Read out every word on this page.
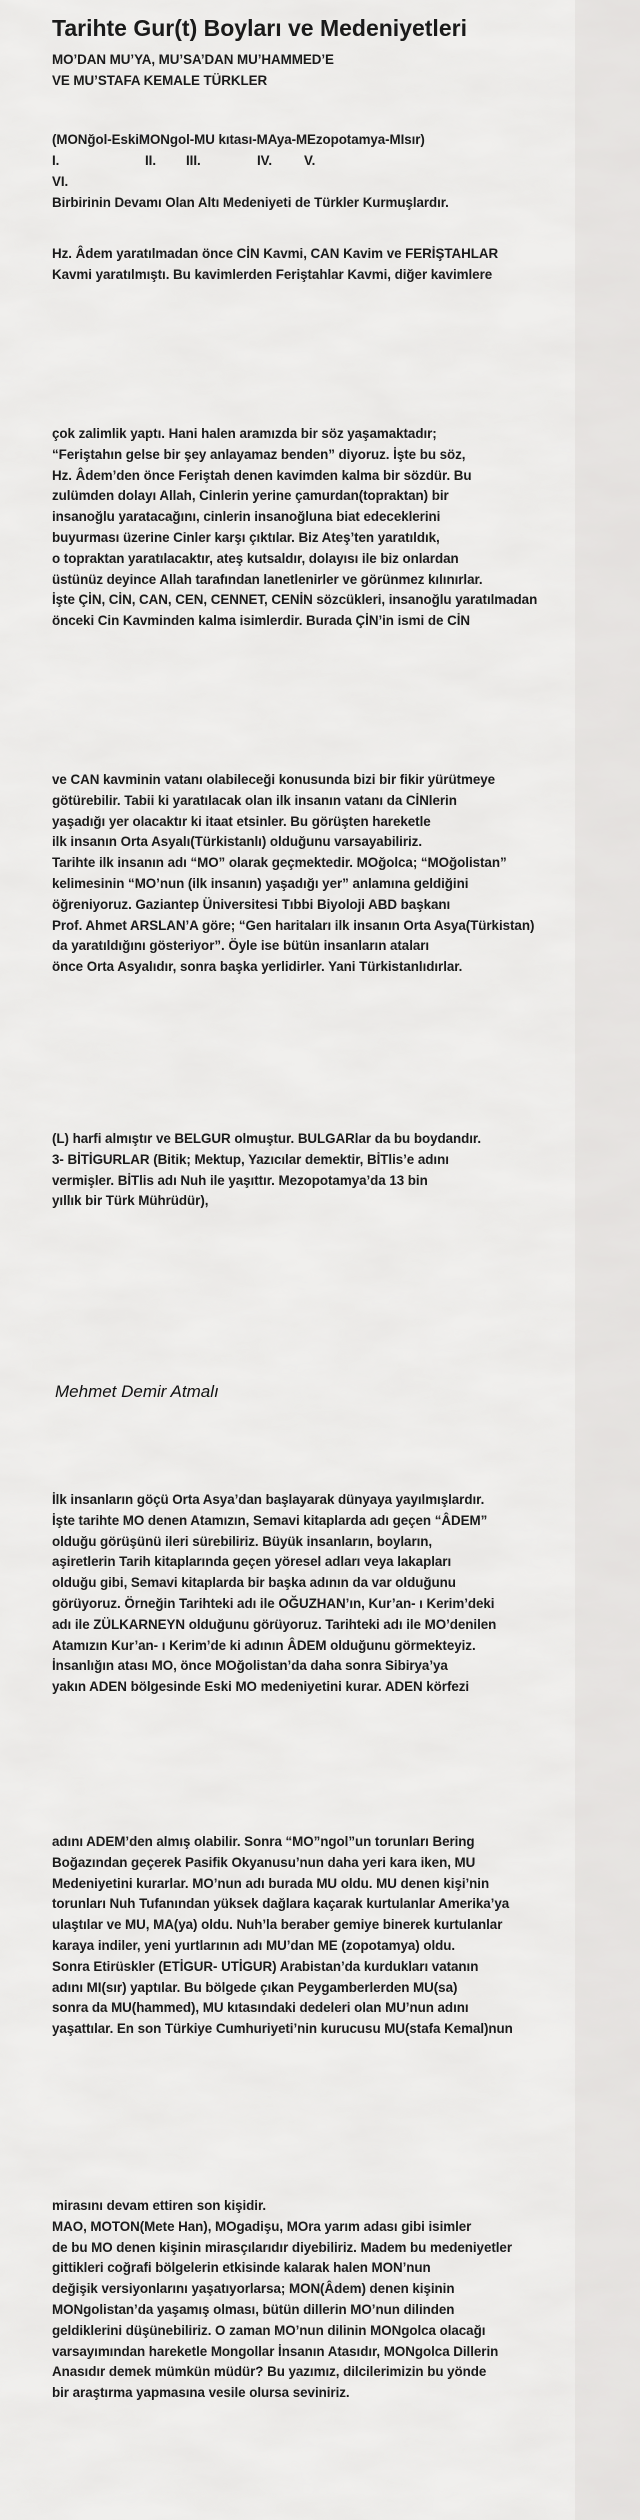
Tarihte Gur(t) Boyları ve Medeniyetleri
MO’DAN MU’YA, MU’SA’DAN MU’HAMMED’E
VE MU’STAFA KEMALE TÜRKLER
(MONğol-EskiMONgol-MU kıtası-MAya-MEzopotamya-MIsır)
I.	II. III.	IV. V.
VI.
Birbirinin Devamı Olan Altı Medeniyeti de Türkler Kurmuşlardır.
Hz. Âdem yaratılmadan önce CİN Kavmi, CAN Kavim ve FERİŞTAHLAR
Kavmi yaratılmıştı. Bu kavimlerden Feriştahlar Kavmi, diğer kavimlere
çok zalimlik yaptı. Hani halen aramızda bir söz yaşamaktadır;
“Feriştahın gelse bir şey anlayamaz benden” diyoruz. İşte bu söz,
Hz. Âdem’den önce Feriştah denen kavimden kalma bir sözdür. Bu
zulümden dolayı Allah, Cinlerin yerine çamurdan(topraktan) bir
insanoğlu yaratacağını, cinlerin insanoğluna biat edeceklerini
buyurması üzerine Cinler karşı çıktılar. Biz Ateş’ten yaratıldık,
o topraktan yaratılacaktır, ateş kutsaldır, dolayısı ile biz onlardan
üstünüz deyince Allah tarafından lanetlenirler ve görünmez kılınırlar.
İşte ÇİN, CİN, CAN, CEN, CENNET, CENİN sözcükleri, insanoğlu yaratılmadan
önceki Cin Kavminden kalma isimlerdir. Burada ÇİN’in ismi de CİN
ve CAN kavminin vatanı olabileceği konusunda bizi bir fikir yürütmeye
götürebilir. Tabii ki yaratılacak olan ilk insanın vatanı da CİNlerin
yaşadığı yer olacaktır ki itaat etsinler. Bu görüşten hareketle
ilk insanın Orta Asyalı(Türkistanlı) olduğunu varsayabiliriz.
Tarihte ilk insanın adı “MO” olarak geçmektedir. MOğolca; “MOğolistan”
kelimesinin “MO’nun (ilk insanın) yaşadığı yer” anlamına geldiğini
öğreniyoruz. Gaziantep Üniversitesi Tıbbi Biyoloji ABD başkanı
Prof. Ahmet ARSLAN’A göre; “Gen haritaları ilk insanın Orta Asya(Türkistan)
da yaratıldığını gösteriyor”. Öyle ise bütün insanların ataları
önce Orta Asyalıdır, sonra başka yerlidirler. Yani Türkistanlıdırlar.
(L) harfi almıştır ve BELGUR olmuştur. BULGARlar da bu boydandır.
3- BİTİGURLAR (Bitik; Mektup, Yazıcılar demektir, BİTlis’e adını
vermişler. BİTlis adı Nuh ile yaşıttır. Mezopotamya’da 13 bin
yıllık bir Türk Mührüdür),
Mehmet Demir Atmalı
İlk insanların göçü Orta Asya’dan başlayarak dünyaya yayılmışlardır.
İşte tarihte MO denen Atamızın, Semavi kitaplarda adı geçen “ÂDEM”
olduğu görüşünü ileri sürebiliriz. Büyük insanların, boyların,
aşiretlerin Tarih kitaplarında geçen yöresel adları veya lakapları
olduğu gibi, Semavi kitaplarda bir başka adının da var olduğunu
görüyoruz. Örneğin Tarihteki adı ile OĞUZHAN’ın, Kur’an- ı Kerim’deki
adı ile ZÜLKARNEYN olduğunu görüyoruz. Tarihteki adı ile MO’denilen
Atamızın Kur’an- ı Kerim’de ki adının ÂDEM olduğunu görmekteyiz.
İnsanlığın atası MO, önce MOğolistan’da daha sonra Sibirya’ya
yakın ADEN bölgesinde Eski MO medeniyetini kurar. ADEN körfezi
adını ADEM’den almış olabilir. Sonra “MO”ngol”un torunları Bering
Boğazından geçerek Pasifik Okyanusu’nun daha yeri kara iken, MU
Medeniyetini kurarlar. MO’nun adı burada MU oldu. MU denen kişi’nin
torunları Nuh Tufanından yüksek dağlara kaçarak kurtulanlar Amerika’ya
ulaştılar ve MU, MA(ya) oldu. Nuh’la beraber gemiye binerek kurtulanlar
karaya indiler, yeni yurtlarının adı MU’dan ME (zopotamya) oldu.
Sonra Etirüskler (ETİGUR- UTİGUR) Arabistan’da kurdukları vatanın
adını MI(sır) yaptılar. Bu bölgede çıkan Peygamberlerden MU(sa)
sonra da MU(hammed), MU kıtasındaki dedeleri olan MU’nun adını
yaşattılar. En son Türkiye Cumhuriyeti’nin kurucusu MU(stafa Kemal)nun
mirasını devam ettiren son kişidir.
MAO, MOTON(Mete Han), MOgadişu, MOra yarım adası gibi isimler
de bu MO denen kişinin mirasçılarıdır diyebiliriz. Madem bu medeniyetler
gittikleri coğrafi bölgelerin etkisinde kalarak halen MON’nun
değişik versiyonlarını yaşatıyorlarsa; MON(Âdem) denen kişinin
MONgolistan’da yaşamış olması, bütün dillerin MO’nun dilinden
geldiklerini düşünebiliriz. O zaman MO’nun dilinin MONgolca olacağı
varsayımından hareketle Mongollar İnsanın Atasıdır, MONgolca Dillerin
Anasıdır demek mümkün müdür? Bu yazımız, dilcilerimizin bu yönde
bir araştırma yapmasına vesile olursa seviniriz.
